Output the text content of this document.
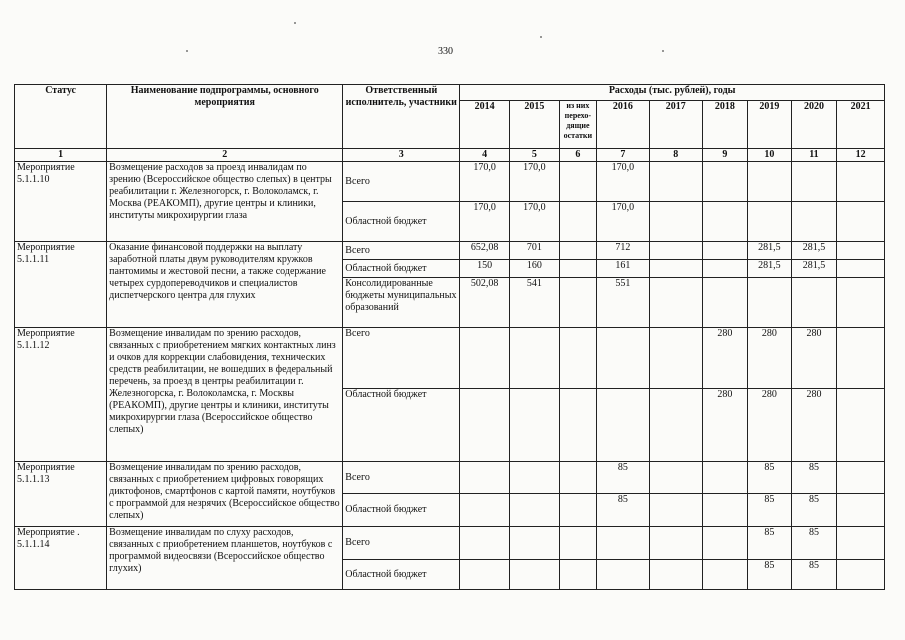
330
Статус	Наименование подпрограммы, основного мероприятия	Ответственный исполнитель, участники	Расходы (тыс. рублей), годы								
			2014	2015	из них перехо-дящие остатки	2016	2017	2018	2019	2020	2021
1	2	3	4	5	6	7	8	9	10	11	12
Мероприятие 5.1.1.10	Возмещение расходов за проезд инвалидам по зрению (Всероссийское общество слепых) в центры реабилитации г. Железногорск, г. Волоколамск, г. Москва (РЕАКОМП), другие центры и клиники, институты микрохирургии глаза	Всего	170,0	170,0		170,0					
		Областной бюджет	170,0	170,0		170,0					
Мероприятие 5.1.1.11	Оказание финансовой поддержки на выплату заработной платы двум руководителям кружков пантомимы и жестовой песни, а также содержание четырех сурдопереводчиков и специалистов диспетчерского центра для глухих	Всего	652,08	701		712			281,5	281,5	
		Областной бюджет	150	160		161			281,5	281,5	
		Консолидированные бюджеты муниципальных образований	502,08	541		551					
Мероприятие 5.1.1.12	Возмещение инвалидам по зрению расходов, связанных с приобретением мягких контактных линз и очков для коррекции слабовидения, технических средств реабилитации, не вошедших в федеральный перечень, за проезд в центры реабилитации г. Железногорска, г. Волоколамска, г. Москвы (РЕАКОМП), другие центры и клиники, институты микрохирургии глаза (Всероссийское общество слепых)	Всего						280	280	280	
		Областной бюджет						280	280	280	
Мероприятие 5.1.1.13	Возмещение инвалидам по зрению расходов, связанных с приобретением цифровых говорящих диктофонов, смартфонов с картой памяти, ноутбуков с программой для незрячих (Всероссийское общество слепых)	Всего				85			85	85	
		Областной бюджет				85			85	85	
Мероприятие . 5.1.1.14	Возмещение инвалидам по слуху расходов, связанных с приобретением планшетов, ноутбуков с программой видеосвязи (Всероссийское общество глухих)	Всего							85	85	
		Областной бюджет							85	85	
